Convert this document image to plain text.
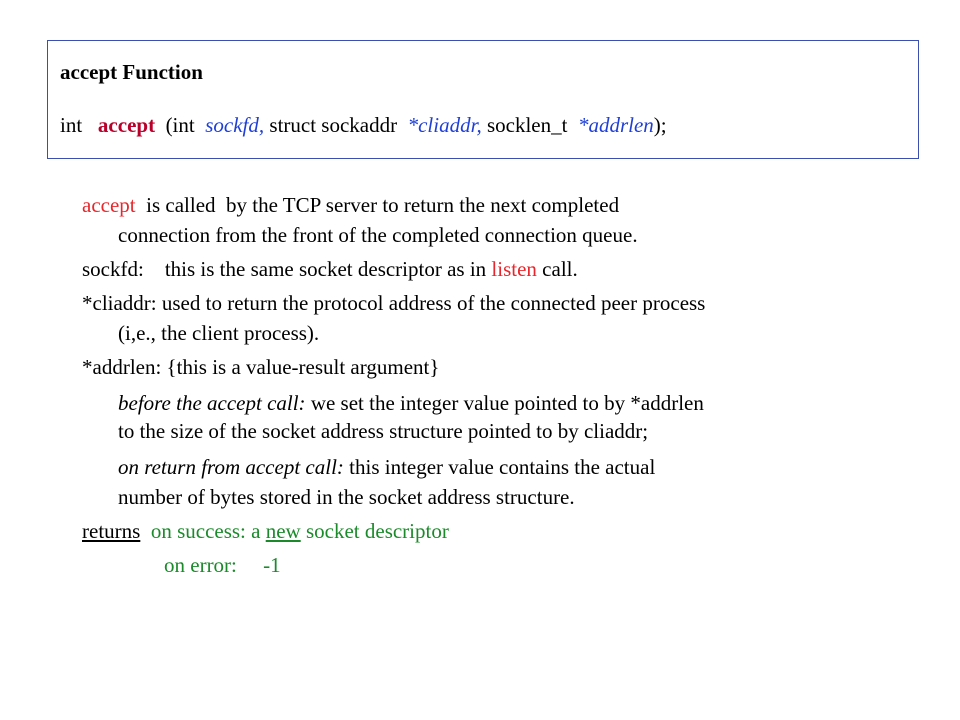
accept Function
int   accept  (int  sockfd, struct sockaddr  *cliaddr, socklen_t  *addrlen);
accept  is called  by the TCP server to return the next completed
connection from the front of the completed connection queue.
sockfd:    this is the same socket descriptor as in listen call.
*cliaddr: used to return the protocol address of the connected peer process
(i,e., the client process).
*addrlen: {this is a value-result argument}
before the accept call: we set the integer value pointed to by *addrlen
to the size of the socket address structure pointed to by cliaddr;
on return from accept call: this integer value contains the actual
number of bytes stored in the socket address structure.
returns  on success: a new socket descriptor
on error:     -1
